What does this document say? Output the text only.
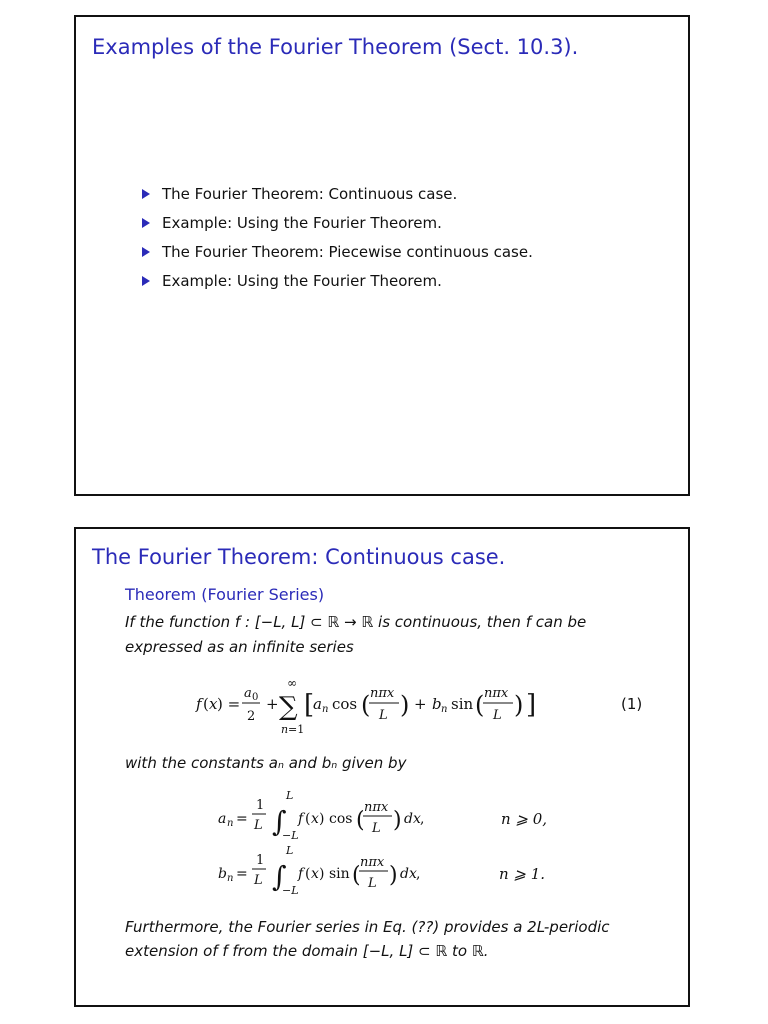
Examples of the Fourier Theorem (Sect. 10.3).
The Fourier Theorem: Continuous case.
Example: Using the Fourier Theorem.
The Fourier Theorem: Piecewise continuous case.
Example: Using the Fourier Theorem.
The Fourier Theorem: Continuous case.
Theorem (Fourier Series)
If the function f : [−L, L] ⊂ ℝ → ℝ is continuous, then f can be
expressed as an infinite series
f ( x ) =
a 0
2
+
∞
∑
n =1
[
a n cos ( nπx
L ) + b n sin ( nπx
L ) ]	(1)
with the constants aₙ and bₙ given by
a n =
1
L ∫
L
−L
f ( x ) cos (
nπx
L ) dx ,
b n =
1
L ∫
L
−L
f ( x ) sin (
nπx
L ) dx ,
n ⩾ 0,
n ⩾ 1.
Furthermore, the Fourier series in Eq. (??) provides a 2L-periodic
extension of f from the domain [−L, L] ⊂ ℝ to ℝ.
